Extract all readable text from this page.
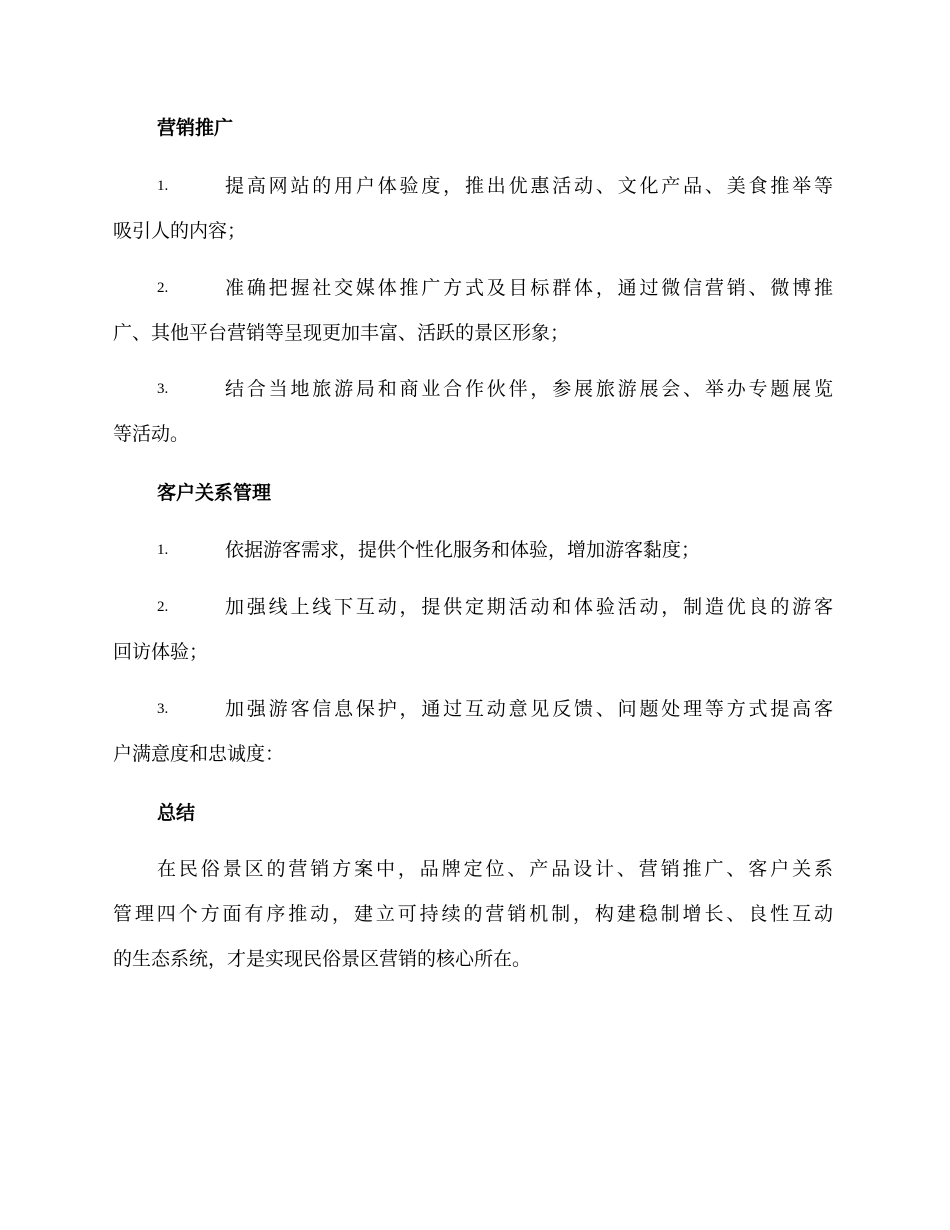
营销推广
1.	提高网站的用户体验度，推出优惠活动、文化产品、美食推举等
吸引人的内容；
2.	准确把握社交媒体推广方式及目标群体，通过微信营销、微博推
广、其他平台营销等呈现更加丰富、活跃的景区形象；
3.	结合当地旅游局和商业合作伙伴，参展旅游展会、举办专题展览
等活动。
客户关系管理
1.	依据游客需求，提供个性化服务和体验，增加游客黏度；
2.	加强线上线下互动，提供定期活动和体验活动，制造优良的游客
回访体验；
3.	加强游客信息保护，通过互动意见反馈、问题处理等方式提高客
户满意度和忠诚度：
总结
在民俗景区的营销方案中，品牌定位、产品设计、营销推广、客户关系
管理四个方面有序推动，建立可持续的营销机制，构建稳制增长、良性互动
的生态系统，才是实现民俗景区营销的核心所在。
